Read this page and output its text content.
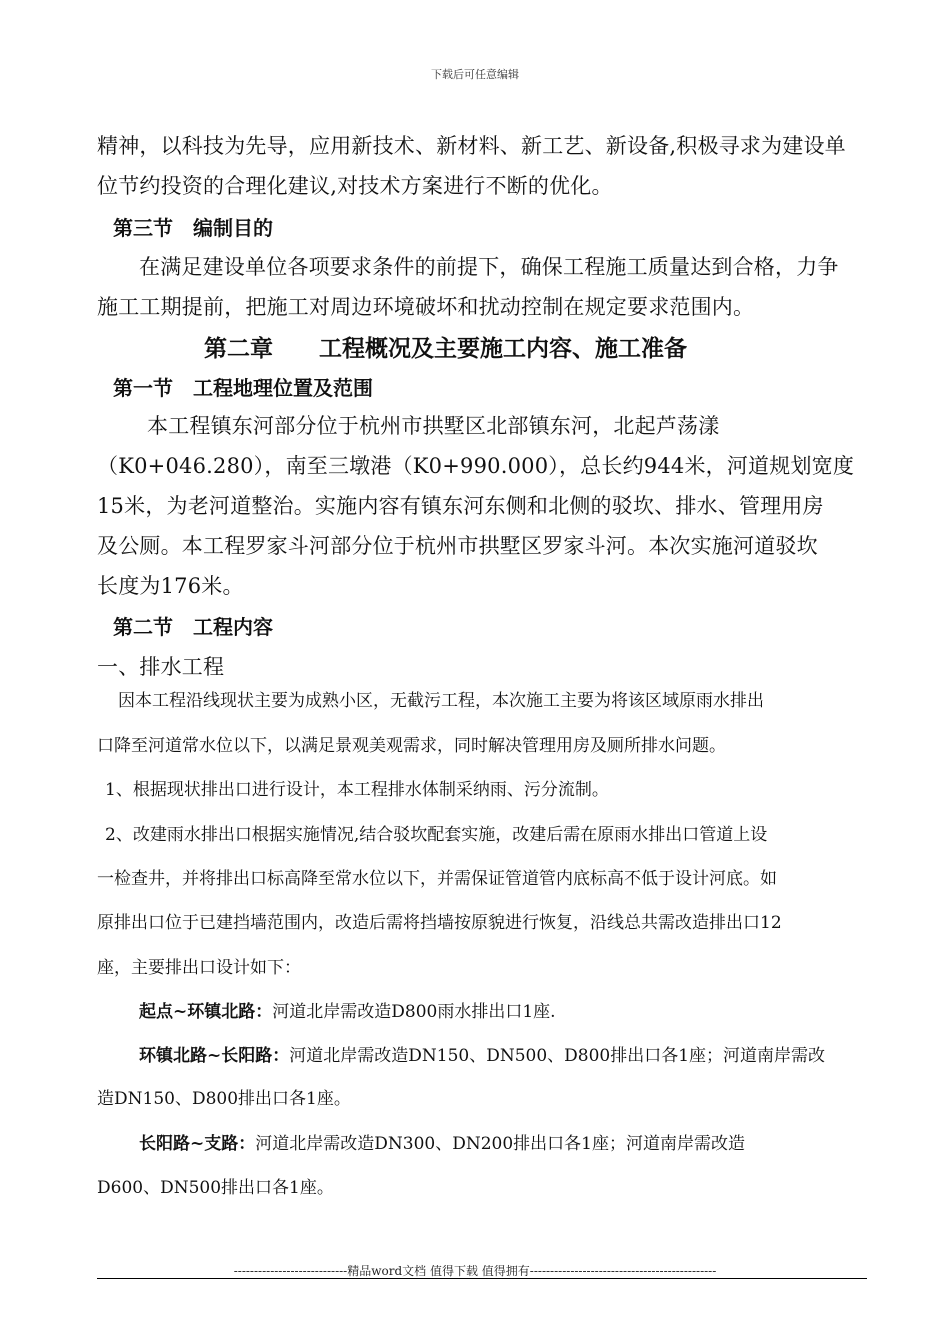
下载后可任意编辑
精神，以科技为先导，应用新技术、新材料、新工艺、新设备,积极寻求为建设单
位节约投资的合理化建议,对技术方案进行不断的优化。
第三节　编制目的
在满足建设单位各项要求条件的前提下，确保工程施工质量达到合格，力争
施工工期提前，把施工对周边环境破坏和扰动控制在规定要求范围内。
第二章　　工程概况及主要施工内容、施工准备
第一节　工程地理位置及范围
本工程镇东河部分位于杭州市拱墅区北部镇东河，北起芦荡漾
（K0+046.280），南至三墩港（K0+990.000），总长约944米，河道规划宽度
15米，为老河道整治。实施内容有镇东河东侧和北侧的驳坎、排水、管理用房
及公厕。本工程罗家斗河部分位于杭州市拱墅区罗家斗河。本次实施河道驳坎
长度为176米。
第二节　工程内容
一、排水工程
因本工程沿线现状主要为成熟小区，无截污工程，本次施工主要为将该区域原雨水排出
口降至河道常水位以下，以满足景观美观需求，同时解决管理用房及厕所排水问题。
1、根据现状排出口进行设计，本工程排水体制采纳雨、污分流制。
2、改建雨水排出口根据实施情况,结合驳坎配套实施，改建后需在原雨水排出口管道上设
一检查井，并将排出口标高降至常水位以下，并需保证管道管内底标高不低于设计河底。如
原排出口位于已建挡墙范围内，改造后需将挡墙按原貌进行恢复，沿线总共需改造排出口12
座，主要排出口设计如下：
起点~环镇北路：河道北岸需改造D800雨水排出口1座.
环镇北路~长阳路：河道北岸需改造DN150、DN500、D800排出口各1座；河道南岸需改
造DN150、D800排出口各1座。
长阳路~支路：河道北岸需改造DN300、DN200排出口各1座；河道南岸需改造
D600、DN500排出口各1座。
----------------------------精品word文档 值得下载 值得拥有----------------------------------------------
